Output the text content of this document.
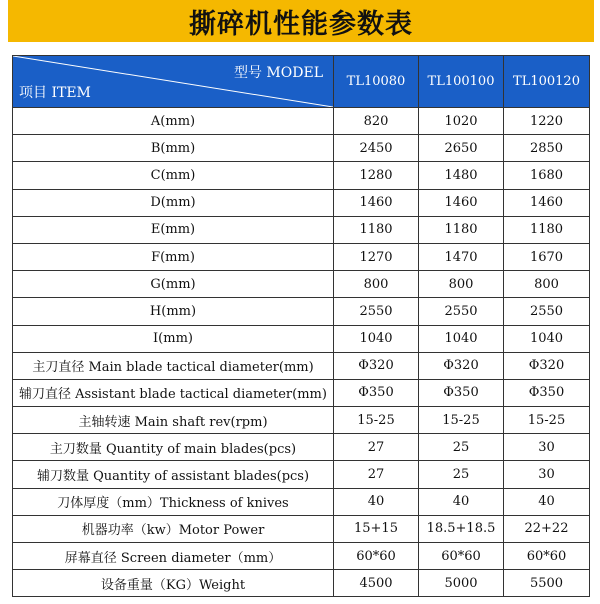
撕碎机性能参数表
型号 MODEL
项目 ITEM	TL10080	TL100100	TL100120
A(mm)	820	1020	1220
B(mm)	2450	2650	2850
C(mm)	1280	1480	1680
D(mm)	1460	1460	1460
E(mm)	1180	1180	1180
F(mm)	1270	1470	1670
G(mm)	800	800	800
H(mm)	2550	2550	2550
I(mm)	1040	1040	1040
主刀直径 Main blade tactical diameter(mm)	Φ320	Φ320	Φ320
辅刀直径 Assistant blade tactical diameter(mm)	Φ350	Φ350	Φ350
主轴转速 Main shaft rev(rpm)	15-25	15-25	15-25
主刀数量 Quantity of main blades(pcs)	27	25	30
辅刀数量 Quantity of assistant blades(pcs)	27	25	30
刀体厚度（mm）Thickness of knives	40	40	40
机器功率（kw）Motor Power	15+15	18.5+18.5	22+22
屏幕直径 Screen diameter（mm）	60*60	60*60	60*60
设备重量（KG）Weight	4500	5000	5500
